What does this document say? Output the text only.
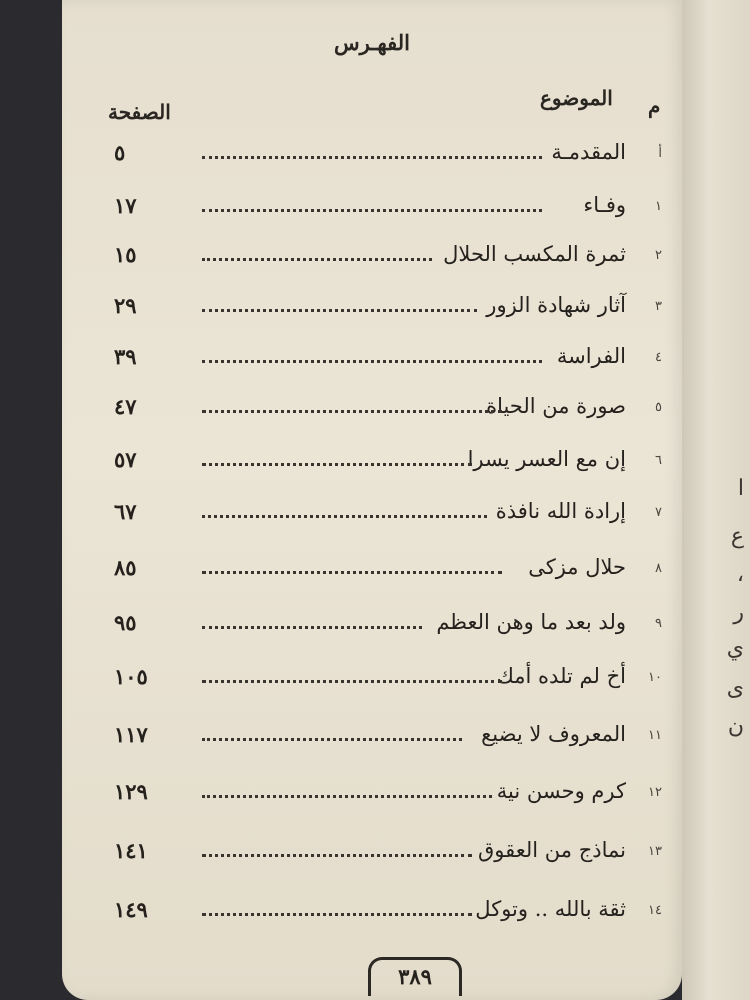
ا
ع
،
ر
ي
ى
ن
الفهـرس
م
الموضوع
الصفحة
أ
المقدمـة
٥
١
وفـاء
١٧
٢
ثمرة المكسب الحلال
١٥
٣
آثار شهادة الزور
٢٩
٤
الفراسة
٣٩
٥
صورة من الحياة
٤٧
٦
إن مع العسر يسرا
٥٧
٧
إرادة الله نافذة
٦٧
٨
حلال مزكى
٨٥
٩
ولد بعد ما وهن العظم
٩٥
١٠
أخ لم تلده أمك
١٠٥
١١
المعروف لا يضيع
١١٧
١٢
كرم وحسن نية
١٢٩
١٣
نماذج من العقوق
١٤١
١٤
ثقة بالله .. وتوكل
١٤٩
٣٨٩
